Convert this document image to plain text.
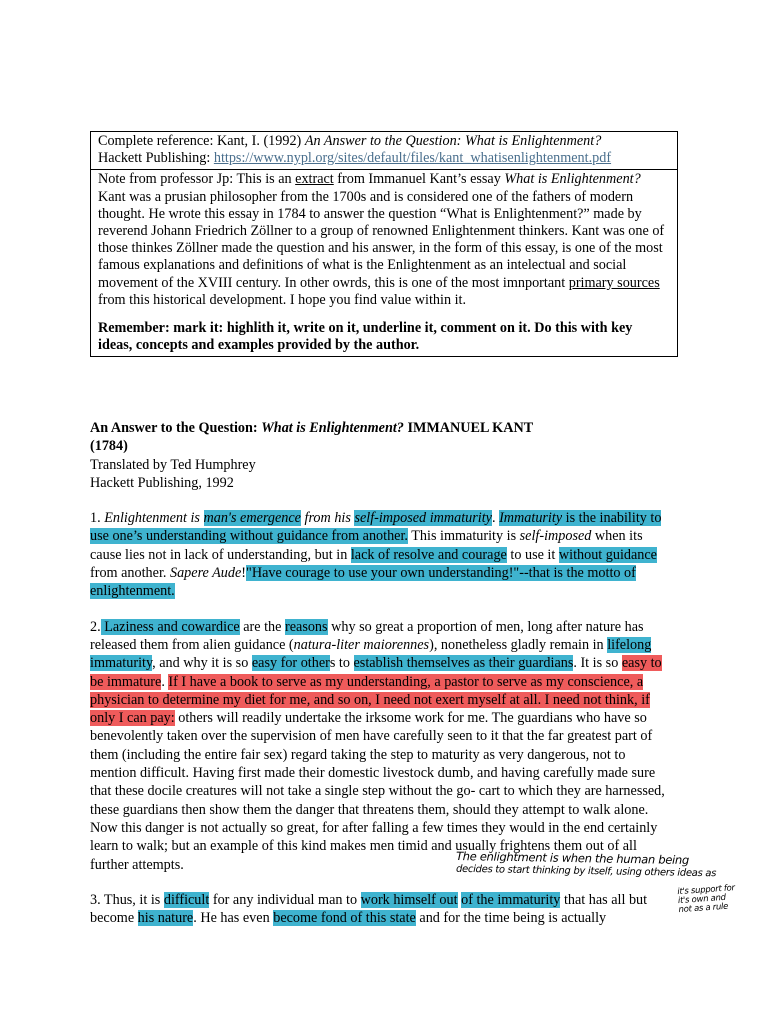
Complete reference: Kant, I. (1992) An Answer to the Question: What is Enlightenment?
Hackett Publishing: https://www.nypl.org/sites/default/files/kant_whatisenlightenment.pdf
Note from professor Jp: This is an extract from Immanuel Kant’s essay What is Enlightenment? Kant was a prusian philosopher from the 1700s and is considered one of the fathers of modern thought. He wrote this essay in 1784 to answer the question “What is Enlightenment?” made by reverend Johann Friedrich Zöllner to a group of renowned Enlightenment thinkers. Kant was one of those thinkes Zöllner made the question and his answer, in the form of this essay, is one of the most famous explanations and definitions of what is the Enlightenment as an intelectual and social movement of the XVIII century. In other owrds, this is one of the most imnportant primary sources from this historical development. I hope you find value within it.
Remember: mark it: highlith it, write on it, underline it, comment on it. Do this with key ideas, concepts and examples provided by the author.

An Answer to the Question: What is Enlightenment? IMMANUEL KANT
(1784)

Translated by Ted Humphrey

Hackett Publishing, 1992

1. Enlightenment is man's emergence from his self-imposed immaturity. Immaturity is the inability to use one’s understanding without guidance from another. This immaturity is self-imposed when its cause lies not in lack of understanding, but in lack of resolve and courage to use it without guidance from another. Sapere Aude!"Have courage to use your own understanding!"--that is the motto of enlightenment.

2. Laziness and cowardice are the reasons why so great a proportion of men, long after nature has released them from alien guidance (natura-liter maiorennes), nonetheless gladly remain in lifelong immaturity, and why it is so easy for others to establish themselves as their guardians. It is so easy to be immature. If I have a book to serve as my understanding, a pastor to serve as my conscience, a physician to determine my diet for me, and so on, I need not exert myself at all. I need not think, if only I can pay: others will readily undertake the irksome work for me. The guardians who have so benevolently taken over the supervision of men have carefully seen to it that the far greatest part of them (including the entire fair sex) regard taking the step to maturity as very dangerous, not to mention difficult. Having first made their domestic livestock dumb, and having carefully made sure that these docile creatures will not take a single step without the go- cart to which they are harnessed, these guardians then show them the danger that threatens them, should they attempt to walk alone. Now this danger is not actually so great, for after falling a few times they would in the end certainly learn to walk; but an example of this kind makes men timid and usually frightens them out of all further attempts.

3. Thus, it is difficult for any individual man to work himself out of the immaturity that has all but become his nature. He has even become fond of this state and for the time being is actually

The enlightment is when the human being
decides to start thinking by itself, using others ideas as
it's support for it's own and not as a rule
